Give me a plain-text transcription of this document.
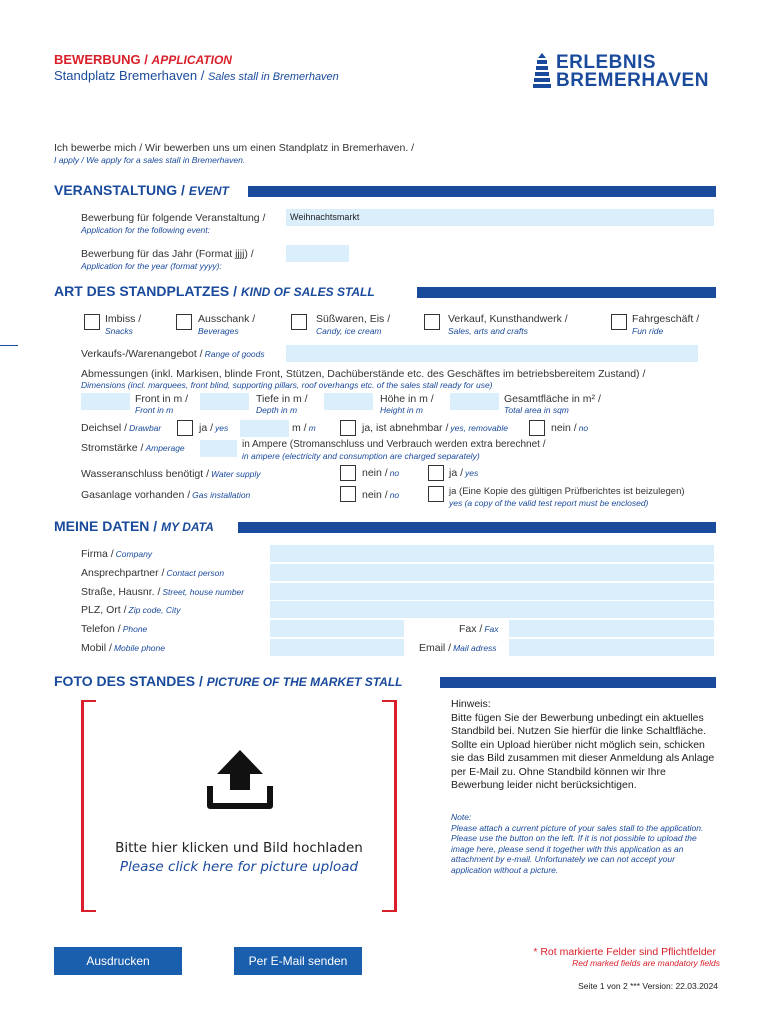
BEWERBUNG / APPLICATION
Standplatz Bremerhaven / Sales stall in Bremerhaven
ERLEBNIS
BREMERHAVEN
Ich bewerbe mich / Wir bewerben uns um einen Standplatz in Bremerhaven. /
I apply / We apply for a sales stall in Bremerhaven.
VERANSTALTUNG / EVENT
Bewerbung für folgende Veranstaltung /
Application for the following event:
Weihnachtsmarkt
Bewerbung für das Jahr (Format jjjj) /
Application for the year (format yyyy):
ART DES STANDPLATZES / KIND OF SALES STALL
Imbiss /
Snacks
Ausschank /
Beverages
Süßwaren, Eis /
Candy, ice cream
Verkauf, Kunsthandwerk /
Sales, arts and crafts
Fahrgeschäft /
Fun ride
Verkaufs-/Warenangebot / Range of goods
Abmessungen (inkl. Markisen, blinde Front, Stützen, Dachüberstände etc. des Geschäftes im betriebsbereitem Zustand) /
Dimensions (incl. marquees, front blind, supporting pillars, roof overhangs etc. of the sales stall ready for use)
Front in m /
Front in m
Tiefe in m /
Depth in m
Höhe in m /
Height in m
Gesamtfläche in m² /
Total area in sqm
Deichsel / Drawbar	ja / yes	m / m	ja, ist abnehmbar / yes, removable	nein / no
Stromstärke / Amperage	in Ampere (Stromanschluss und Verbrauch werden extra berechnet /
in ampere (electricity and consumption are charged separately)
Wasseranschluss benötigt / Water supply	nein / no	ja / yes
Gasanlage vorhanden / Gas installation	nein / no	ja (Eine Kopie des gültigen Prüfberichtes ist beizulegen)
yes (a copy of the valid test report must be enclosed)
MEINE DATEN / MY DATA
Firma / Company
Ansprechpartner / Contact person
Straße, Hausnr. / Street, house number
PLZ, Ort / Zip code, City
Telefon / Phone	Fax / Fax
Mobil / Mobile phone	Email / Mail adress
FOTO DES STANDES / PICTURE OF THE MARKET STALL
Bitte hier klicken und Bild hochladen
Please click here for picture upload
Hinweis:
Bitte fügen Sie der Bewerbung unbedingt ein aktuelles Standbild bei. Nutzen Sie hierfür die linke Schaltfläche. Sollte ein Upload hierüber nicht möglich sein, schicken sie das Bild zusammen mit dieser Anmeldung als Anlage per E-Mail zu. Ohne Standbild können wir Ihre Bewerbung leider nicht berücksichtigen.
Note:
Please attach a current picture of your sales stall to the application. Please use the button on the left. If it is not possible to upload the image here, please send it together with this application as an attachment by e-mail. Unfortunately we can not accept your application without a picture.
Ausdrucken	Per E-Mail senden
* Rot markierte Felder sind Pflichtfelder
Red marked fields are mandatory fields
Seite 1 von 2 *** Version: 22.03.2024
